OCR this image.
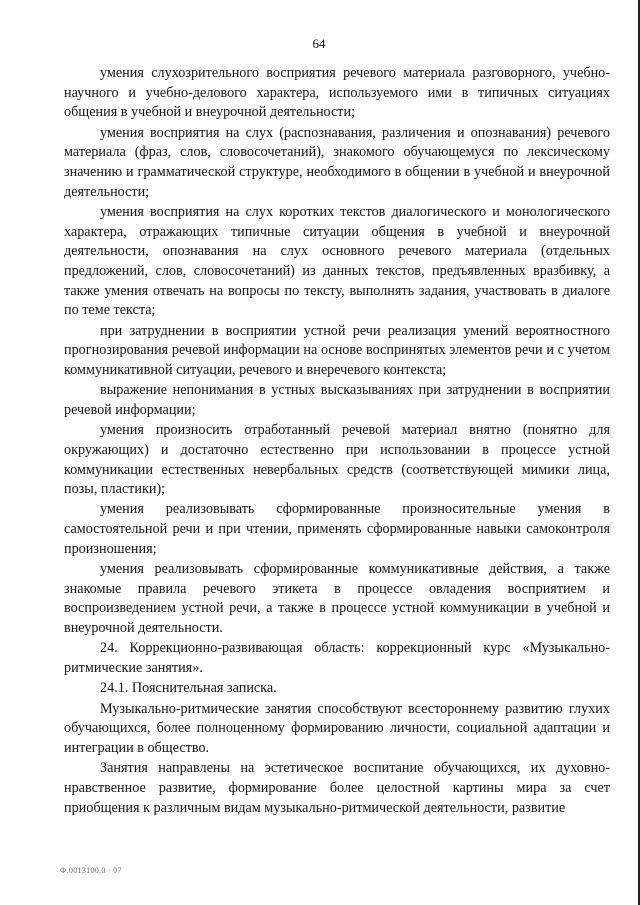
64

умения слухозрительного восприятия речевого материала разговорного, учебно-научного и учебно-делового характера, используемого ими в типичных ситуациях общения в учебной и внеурочной деятельности;

умения восприятия на слух (распознавания, различения и опознавания) речевого материала (фраз, слов, словосочетаний), знакомого обучающемуся по лексическому значению и грамматической структуре, необходимого в общении в учебной и внеурочной деятельности;

умения восприятия на слух коротких текстов диалогического и монологического характера, отражающих типичные ситуации общения в учебной и внеурочной деятельности, опознавания на слух основного речевого материала (отдельных предложений, слов, словосочетаний) из данных текстов, предъявленных вразбивку, а также умения отвечать на вопросы по тексту, выполнять задания, участвовать в диалоге по теме текста;

при затруднении в восприятии устной речи реализация умений вероятностного прогнозирования речевой информации на основе воспринятых элементов речи и с учетом коммуникативной ситуации, речевого и внеречевого контекста;

выражение непонимания в устных высказываниях при затруднении в восприятии речевой информации;

умения произносить отработанный речевой материал внятно (понятно для окружающих) и достаточно естественно при использовании в процессе устной коммуникации естественных невербальных средств (соответствующей мимики лица, позы, пластики);

умения реализовывать сформированные произносительные умения в самостоятельной речи и при чтении, применять сформированные навыки самоконтроля произношения;

умения реализовывать сформированные коммуникативные действия, а также знакомые правила речевого этикета в процессе овладения восприятием и воспроизведением устной речи, а также в процессе устной коммуникации в учебной и внеурочной деятельности.

24. Коррекционно-развивающая область: коррекционный курс «Музыкально-ритмические занятия».

24.1. Пояснительная записка.

Музыкально-ритмические занятия способствуют всестороннему развитию глухих обучающихся, более полноценному формированию личности, социальной адаптации и интеграции в общество.

Занятия направлены на эстетическое воспитание обучающихся, их духовно-нравственное развитие, формирование более целостной картины мира за счет приобщения к различным видам музыкально-ритмической деятельности, развитие

Ф.0013100.0 · 07
